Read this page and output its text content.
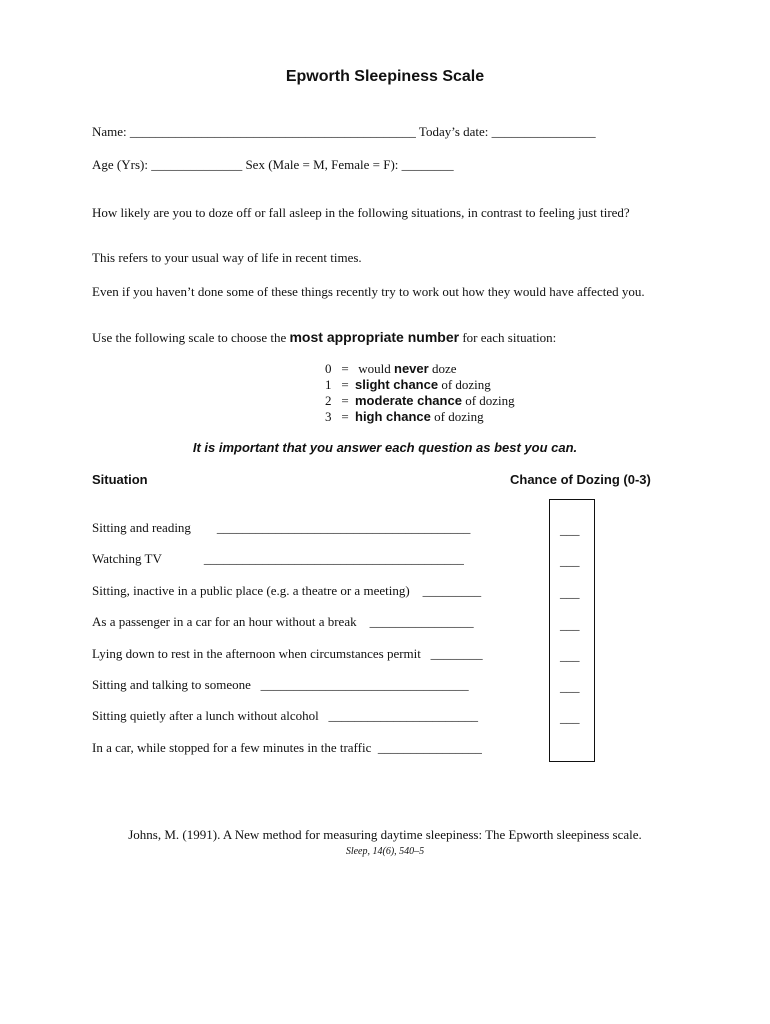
Epworth Sleepiness Scale
Name: ____________________________________________ Today’s date: ________________
Age (Yrs): ______________ Sex (Male = M, Female = F): ________
How likely are you to doze off or fall asleep in the following situations, in contrast to feeling just tired?
This refers to your usual way of life in recent times.
Even if you haven’t done some of these things recently try to work out how they would have affected you.
Use the following scale to choose the most appropriate number for each situation:
0 = would never doze
1 = slight chance of dozing
2 = moderate chance of dozing
3 = high chance of dozing
It is important that you answer each question as best you can.
Situation	Chance of Dozing (0-3)
Sitting and reading        _______________________________________	___
Watching TV             ________________________________________	___
Sitting, inactive in a public place (e.g. a theatre or a meeting)    _________	___
As a passenger in a car for an hour without a break    ________________	___
Lying down to rest in the afternoon when circumstances permit   ________	___
Sitting and talking to someone   ________________________________	___
Sitting quietly after a lunch without alcohol   _______________________	___
In a car, while stopped for a few minutes in the traffic  ________________
Johns, M. (1991). A New method for measuring daytime sleepiness: The Epworth sleepiness scale.
Sleep, 14(6), 540–5
